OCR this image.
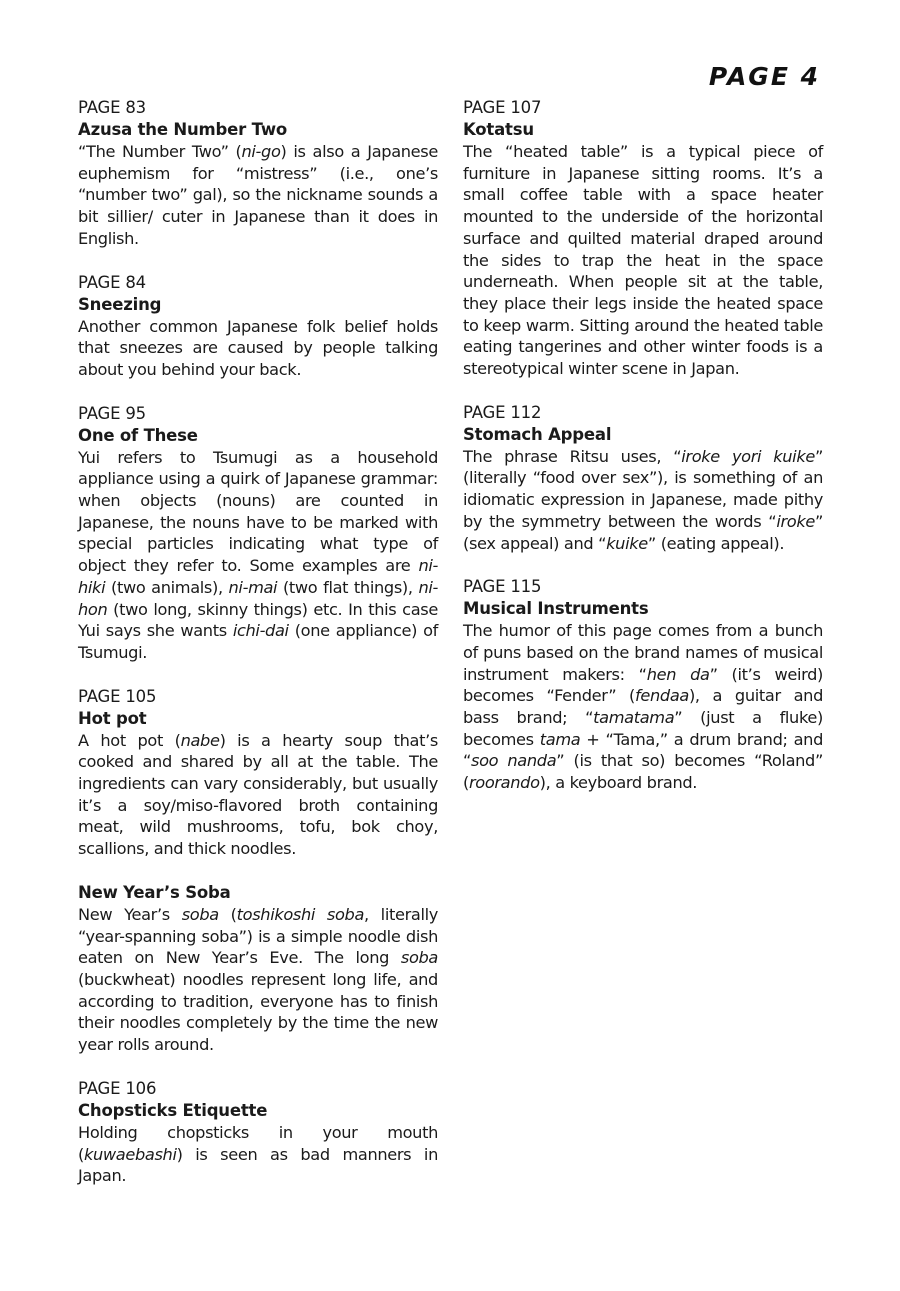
PAGE 4

PAGE 83

Azusa the Number Two

“The Number Two” (ni-go) is also a Japanese euphemism for “mistress” (i.e., one’s “number two” gal), so the nickname sounds a bit sillier/ cuter in Japanese than it does in English.

PAGE 84

Sneezing

Another common Japanese folk belief holds that sneezes are caused by people talking about you behind your back.

PAGE 95

One of These

Yui refers to Tsumugi as a household appliance using a quirk of Japanese grammar: when objects (nouns) are counted in Japanese, the nouns have to be marked with special particles indicating what type of object they refer to. Some examples are ni-hiki (two animals), ni-mai (two flat things), ni-hon (two long, skinny things) etc. In this case Yui says she wants ichi-dai (one appliance) of Tsumugi.

PAGE 105

Hot pot

A hot pot (nabe) is a hearty soup that’s cooked and shared by all at the table. The ingredients can vary considerably, but usually it’s a soy/miso-flavored broth containing meat, wild mushrooms, tofu, bok choy, scallions, and thick noodles.

New Year’s Soba

New Year’s soba (toshikoshi soba, literally “year-spanning soba”) is a simple noodle dish eaten on New Year’s Eve. The long soba (buckwheat) noodles represent long life, and according to tradition, everyone has to finish their noodles completely by the time the new year rolls around.

PAGE 106

Chopsticks Etiquette

Holding chopsticks in your mouth (kuwaebashi) is seen as bad manners in Japan.

PAGE 107

Kotatsu

The “heated table” is a typical piece of furniture in Japanese sitting rooms. It’s a small coffee table with a space heater mounted to the underside of the horizontal surface and quilted material draped around the sides to trap the heat in the space underneath. When people sit at the table, they place their legs inside the heated space to keep warm. Sitting around the heated table eating tangerines and other winter foods is a stereotypical winter scene in Japan.

PAGE 112

Stomach Appeal

The phrase Ritsu uses, “iroke yori kuike” (literally “food over sex”), is something of an idiomatic expression in Japanese, made pithy by the symmetry between the words “iroke” (sex appeal) and “kuike” (eating appeal).

PAGE 115

Musical Instruments

The humor of this page comes from a bunch of puns based on the brand names of musical instrument makers: “hen da” (it’s weird) becomes “Fender” (fendaa), a guitar and bass brand; “tamatama” (just a fluke) becomes tama + “Tama,” a drum brand; and “soo nanda” (is that so) becomes “Roland” (roorando), a keyboard brand.
